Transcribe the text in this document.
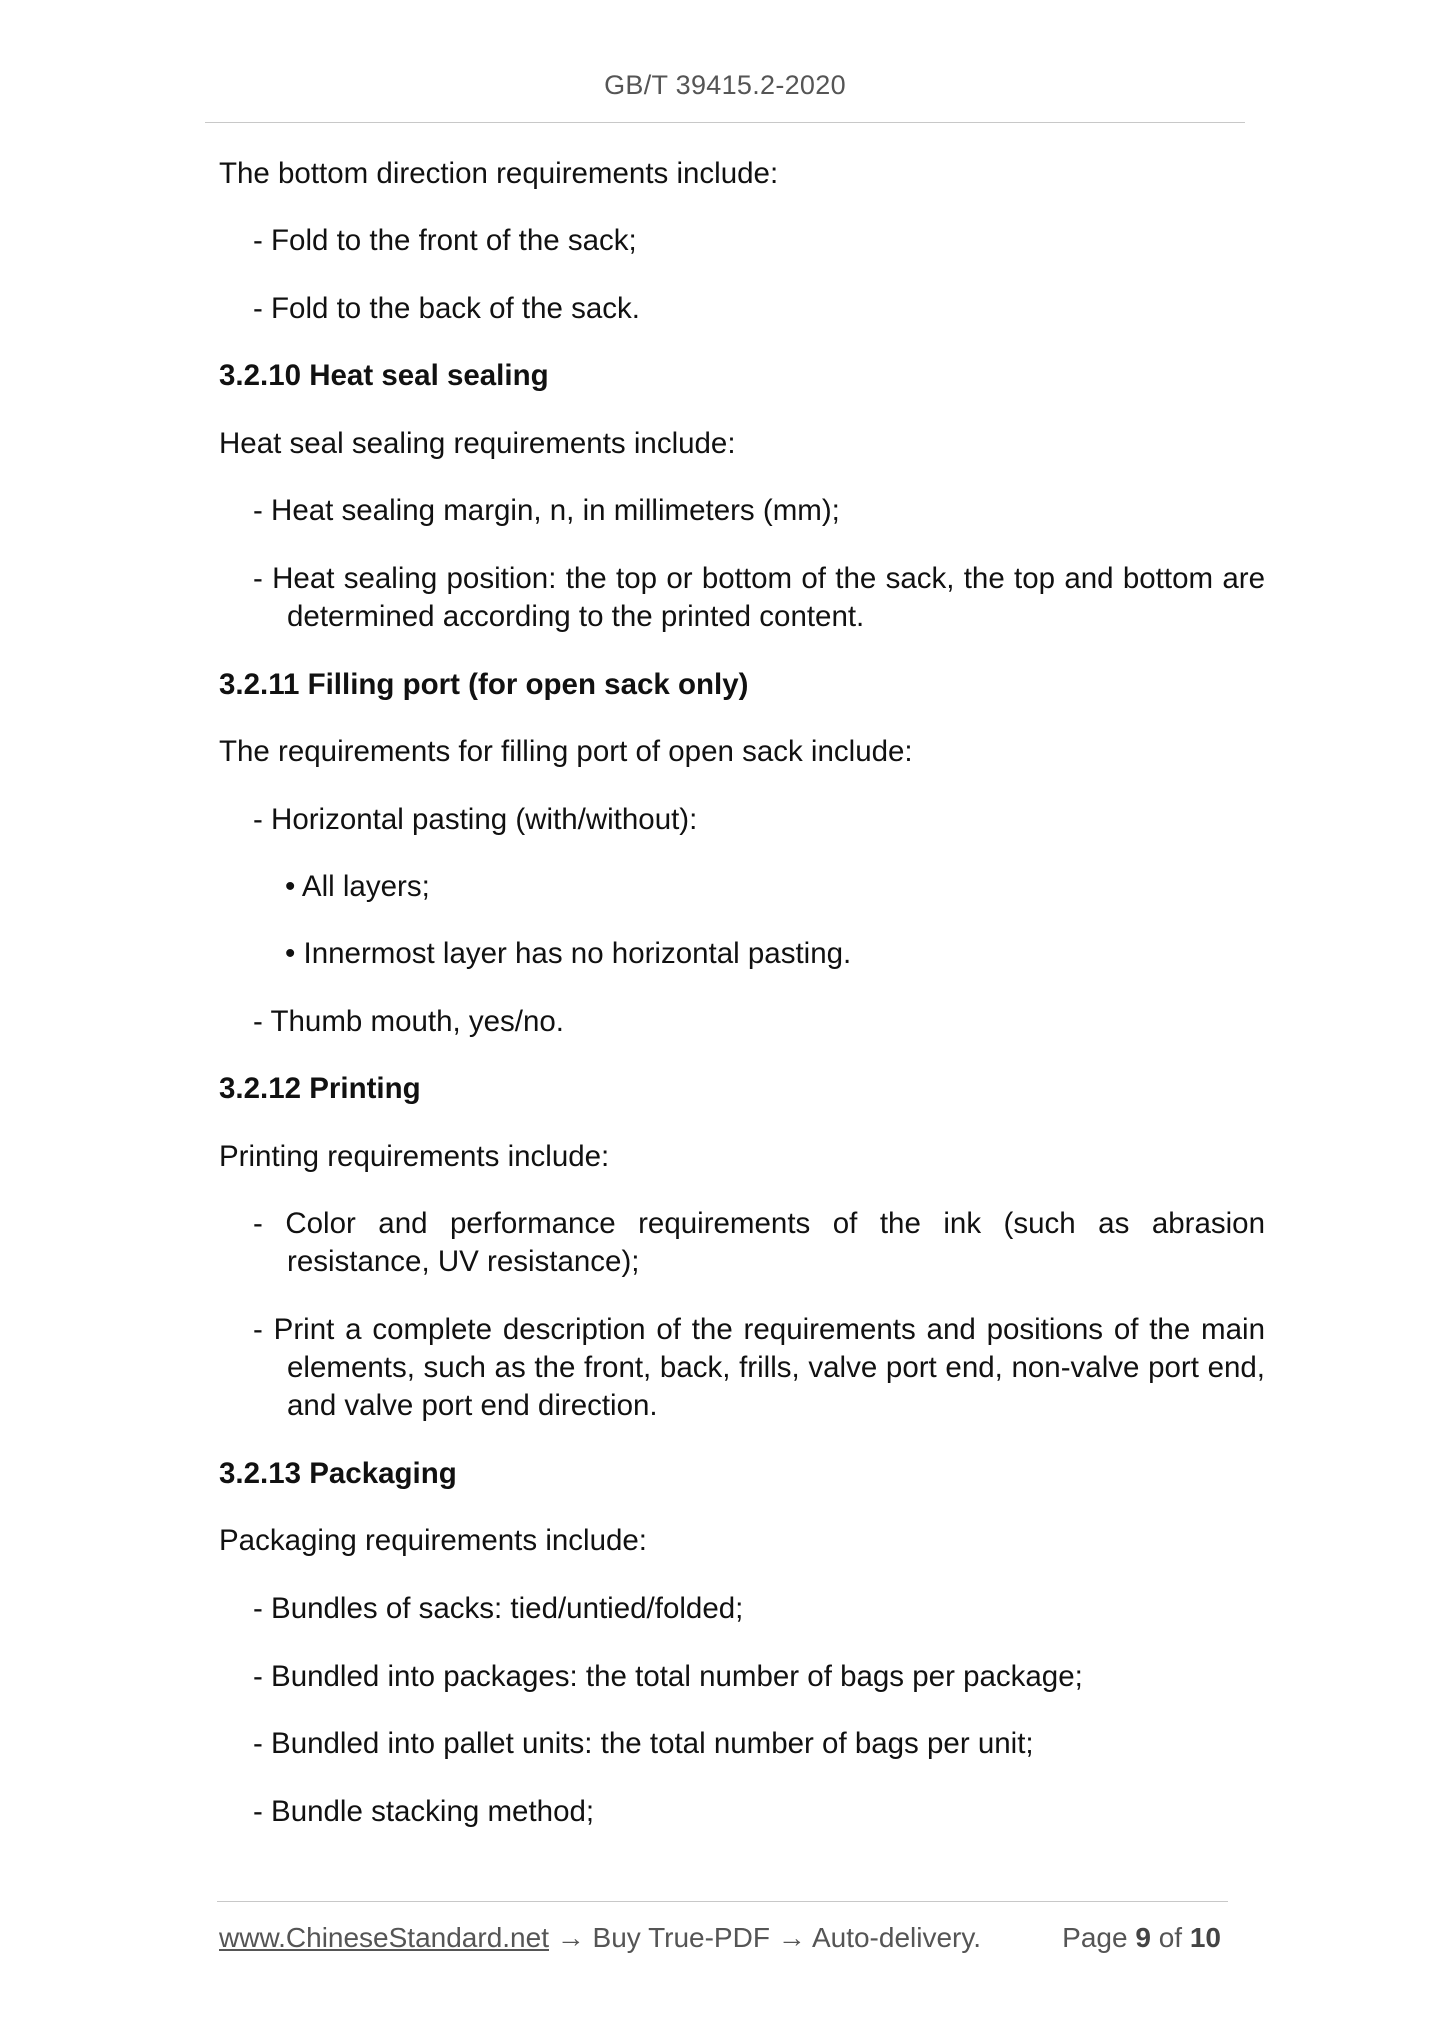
GB/T 39415.2-2020
The bottom direction requirements include:
- Fold to the front of the sack;
- Fold to the back of the sack.
3.2.10 Heat seal sealing
Heat seal sealing requirements include:
- Heat sealing margin, n, in millimeters (mm);
- Heat sealing position: the top or bottom of the sack, the top and bottom are determined according to the printed content.
3.2.11 Filling port (for open sack only)
The requirements for filling port of open sack include:
- Horizontal pasting (with/without):
• All layers;
• Innermost layer has no horizontal pasting.
- Thumb mouth, yes/no.
3.2.12 Printing
Printing requirements include:
- Color and performance requirements of the ink (such as abrasion resistance, UV resistance);
- Print a complete description of the requirements and positions of the main elements, such as the front, back, frills, valve port end, non-valve port end, and valve port end direction.
3.2.13 Packaging
Packaging requirements include:
- Bundles of sacks: tied/untied/folded;
- Bundled into packages: the total number of bags per package;
- Bundled into pallet units: the total number of bags per unit;
- Bundle stacking method;
www.ChineseStandard.net → Buy True-PDF → Auto-delivery.	Page 9 of 10
